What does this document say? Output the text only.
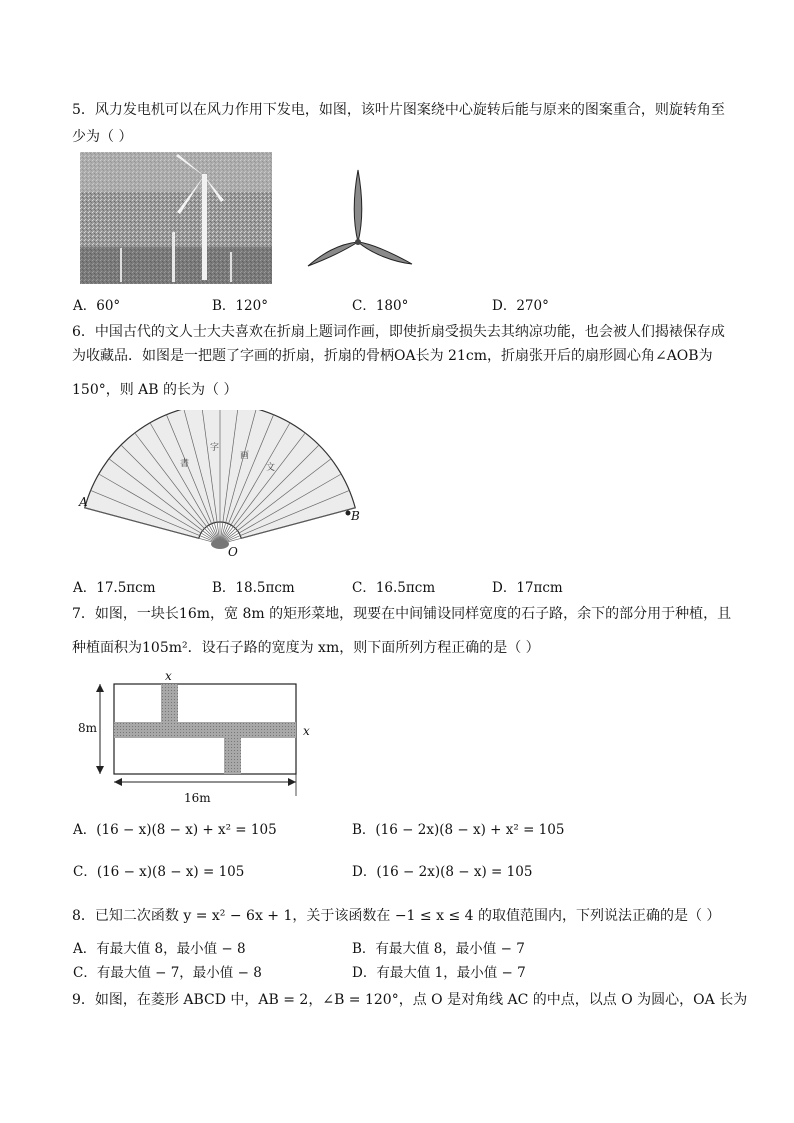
5．风力发电机可以在风力作用下发电，如图，该叶片图案绕中心旋转后能与原来的图案重合，则旋转角至
少为（ ）
A．60°	B．120°	C．180°	D．270°
6．中国古代的文人士大夫喜欢在折扇上题词作画，即使折扇受损失去其纳凉功能，也会被人们揭裱保存成
为收藏品．如图是一把题了字画的折扇，折扇的骨柄OA长为 21cm，折扇张开后的扇形圆心角∠AOB为
150°，则 AB 的长为（ ）
書
字
画
文
A
B
O
A．17.5πcm	B．18.5πcm	C．16.5πcm	D．17πcm
7．如图，一块长16m，宽 8m 的矩形菜地，现要在中间铺设同样宽度的石子路，余下的部分用于种植，且
种植面积为105m²．设石子路的宽度为 xm，则下面所列方程正确的是（ ）
8m
16m
x
x
A．(16 − x)(8 − x) + x² = 105	B．(16 − 2x)(8 − x) + x² = 105
C．(16 − x)(8 − x) = 105	D．(16 − 2x)(8 − x) = 105
8．已知二次函数 y = x² − 6x + 1，关于该函数在 −1 ≤ x ≤ 4 的取值范围内，下列说法正确的是（ ）
A．有最大值 8，最小值 − 8	B．有最大值 8，最小值 − 7
C．有最大值 − 7，最小值 − 8	D．有最大值 1，最小值 − 7
9．如图，在菱形 ABCD 中，AB = 2，∠B = 120°，点 O 是对角线 AC 的中点，以点 O 为圆心，OA 长为
